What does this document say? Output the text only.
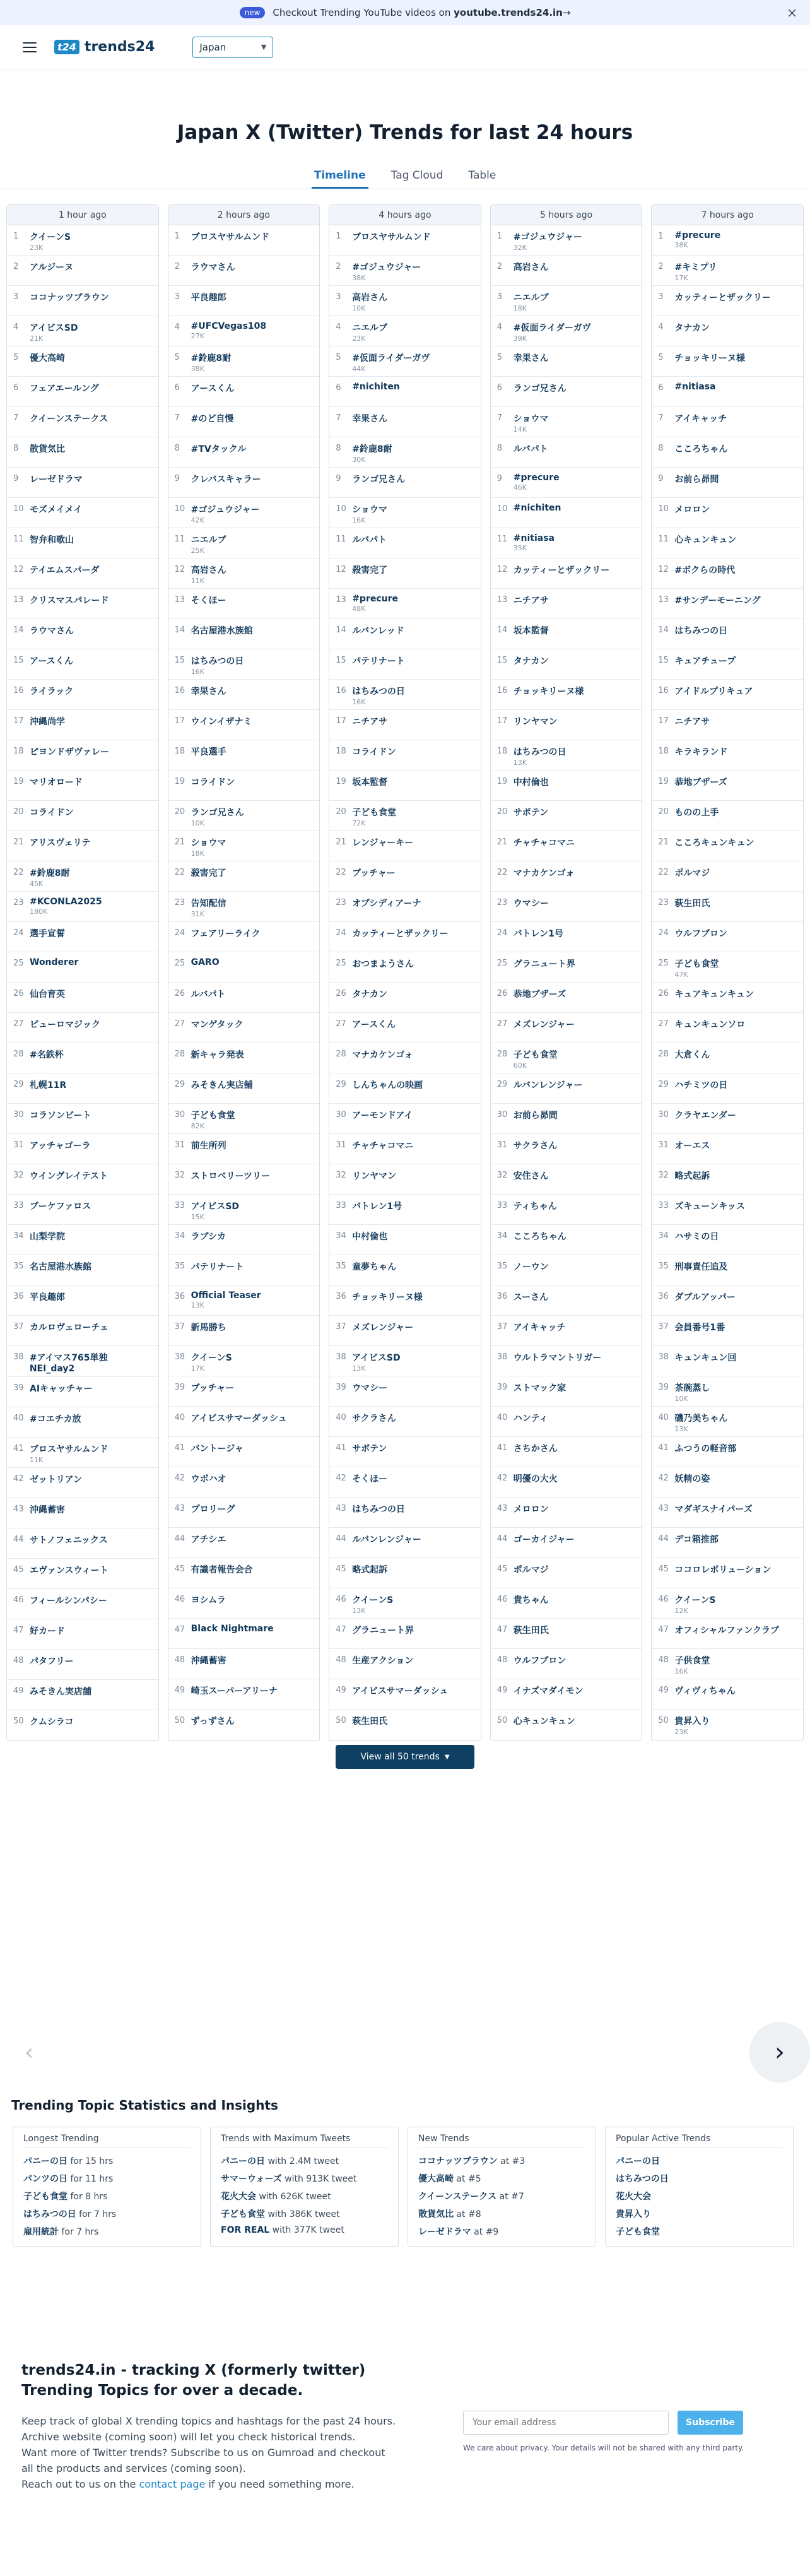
new	Checkout Trending YouTube videos on youtube.trends24.in→	×
t24 trends24	Japan	▼
Japan X (Twitter) Trends for last 24 hours
Timeline Tag Cloud Table
1 hour ago
1	クイーンS
23K
2	アルジーヌ
3	ココナッツブラウン
4	アイビスSD
21K
5	優大高崎
6	フェアエールング
7	クイーンステークス
8	散貨気比
9	レーゼドラマ
10 モズメイメイ
11 智弁和歌山
12 テイエムスパーダ
13 クリスマスパレード
14 ラウマさん
15 アースくん
16 ライラック
17 沖縄尚学
18 ピヨンドザヴァレー
19 マリオロード
20 コライドン
21 アリスヴェリテ
22 #鈴鹿8耐
45K
23 #KCONLA2025
180K
24 選手宣誓
25 Wonderer
26 仙台育英
27 ピューロマジック
28 #名鉄杯
29 札幌11R
30 コラソンビート
31 アッチャゴーラ
32 ウイングレイテスト
33 ブーケファロス
34 山梨学院
35 名古屋港水族館
36 平良趣郎
37 カルロヴェローチェ
38 #アイマス765単独NEI_day2
39 AIキャッチャー
40 #コエチカ放
41 ブロスヤサルムンド
11K
42 ゼットリアン
43 沖縄蓄害
44 サトノフェニックス
45 エヴァンスウィート
46 フィールシンパシー
47 好カード
48 パタフリー
49 みそきん実店舗
50 クムシラコ
2 hours ago
1	ブロスヤサルムンド
2	ラウマさん
3	平良趣郎
4	#UFCVegas108
27K
5	#鈴鹿8耐
38K
6	アースくん
7	#のど自慢
8	#TVタックル
9	クレバスキャラー
10 #ゴジュウジャー
42K
11 ニエルブ
25K
12 高岩さん
11K
13 そくほー
14 名古屋港水族館
15 はちみつの日
16K
16 幸果さん
17 ウインイザナミ
18 平良選手
19 コライドン
20 ランゴ兄さん
10K
21 ショウマ
18K
22 殺害完了
23 告知配信
31K
24 フェアリーライク
25 GARO
26 ルバパト
27 マンゲタック
28 新キャラ発表
29 みそきん実店舗
30 子ども食堂
82K
31 前生所列
32 ストロベリーツリー
33 アイビスSD
15K
34 ラブシカ
35 パテリナート
36 Official Teaser
13K
37 新馬勝ち
38 クイーンS
17K
39 ブッチャー
40 アイビスサマーダッシュ
41 バントージャ
42 ウボハオ
43 プロリーグ
44 アチシエ
45 有識者報告会合
46 ヨシムラ
47 Black Nightmare
48 沖縄蓄害
49 崎玉スーパーアリーナ
50 ずっずさん
4 hours ago
1	ブロスヤサルムンド
2	#ゴジュウジャー
38K
3	高岩さん
10K
4	ニエルブ
23K
5	#仮面ライダーガヴ
44K
6	#nichiten
7	幸果さん
8	#鈴鹿8耐
30K
9	ランゴ兄さん
10 ショウマ
16K
11 ルバパト
12 殺害完了
13 #precure
48K
14 ルバンレッド
15 パテリナート
16 はちみつの日
16K
17 ニチアサ
18 コライドン
19 坂本監督
20 子ども食堂
72K
21 レンジャーキー
22 ブッチャー
23 オブシディアーナ
24 カッティーとザックリー
25 おつまようさん
26 タナカン
27 アースくん
28 マナカケンゴォ
29 しんちゃんの映画
30 アーモンドアイ
31 チャチャコマニ
32 リンヤマン
33 バトレン1号
34 中村倫也
35 童夢ちゃん
36 チョッキリーヌ様
37 メズレンジャー
38 アイビスSD
13K
39 ウマシー
40 サクラさん
41 サボテン
42 そくほー
43 はちみつの日
44 ルバンレンジャー
45 略式起訴
46 クイーンS
13K
47 グラニュート界
48 生産アクション
49 アイビスサマーダッシュ
50 萩生田氏
5 hours ago
1	#ゴジュウジャー
32K
2	高岩さん
3	ニエルブ
18K
4	#仮面ライダーガヴ
39K
5	幸果さん
6	ランゴ兄さん
7	ショウマ
14K
8	ルバパト
9	#precure
46K
10 #nichiten
11 #nitiasa
35K
12 カッティーとザックリー
13 ニチアサ
14 坂本監督
15 タナカン
16 チョッキリーヌ様
17 リンヤマン
18 はちみつの日
13K
19 中村倫也
20 サボテン
21 チャチャコマニ
22 マナカケンゴォ
23 ウマシー
24 バトレン1号
25 グラニュート界
26 恭地ブザーズ
27 メズレンジャー
28 子ども食堂
60K
29 ルバンレンジャー
30 お前ら昴間
31 サクラさん
32 安住さん
33 ティちゃん
34 こころちゃん
35 ノーウン
36 スーさん
37 アイキャッチ
38 ウルトラマントリガー
39 ストマック家
40 ハンティ
41 さちかさん
42 明優の大火
43 メロロン
44 ゴーカイジャー
45 ポルマジ
46 貴ちゃん
47 萩生田氏
48 ウルフブロン
49 イナズマダイモン
50 心キュンキュン
7 hours ago
1	#precure
38K
2	#キミプリ
17K
3	カッティーとザックリー
4	タナカン
5	チョッキリーヌ様
6	#nitiasa
7	アイキャッチ
8	こころちゃん
9	お前ら昴間
10 メロロン
11 心キュンキュン
12 #ボクらの時代
13 #サンデーモーニング
14 はちみつの日
15 キュアチュープ
16 アイドルプリキュア
17 ニチアサ
18 キラキランド
19 恭地ブザーズ
20 ものの上手
21 こころキュンキュン
22 ポルマジ
23 萩生田氏
24 ウルフブロン
25 子ども食堂
47K
26 キュアキュンキュン
27 キュンキュンソロ
28 大倉くん
29 ハチミツの日
30 クラヤエンダー
31 オーエス
32 略式起訴
33 ズキューンキッス
34 ハサミの日
35 刑事責任追及
36 ダブルアッパー
37 会員番号1番
38 キュンキュン回
39 茶碗蒸し
10K
40 磯乃美ちゃん
13K
41 ふつうの軽音部
42 妖精の姿
43 マダギスナイパーズ
44 デコ箱推部
45 ココロレボリューション
46 クイーンS
12K
47 オフィシャルファンクラブ
48 子供食堂
16K
49 ヴィヴィちゃん
50 貴昇入り
23K
View all 50 trends ▼
‹	›
Trending Topic Statistics and Insights
Longest Trending
パニーの日 for 15 hrs
パンツの日 for 11 hrs
子ども食堂 for 8 hrs
はちみつの日 for 7 hrs
雇用統計 for 7 hrs
Trends with Maximum Tweets
パニーの日 with 2.4M tweet
サマーウォーズ with 913K tweet
花火大会 with 626K tweet
子ども食堂 with 386K tweet
FOR REAL with 377K tweet
New Trends
ココナッツブラウン at #3
優大高崎 at #5
クイーンステークス at #7
散貨気比 at #8
レーゼドラマ at #9
Popular Active Trends
パニーの日
はちみつの日
花火大会
貴昇入り
子ども食堂
trends24.in - tracking X (formerly twitter) Trending Topics for over a decade.

Keep track of global X trending topics and hashtags for the past 24 hours.

Archive website (coming soon) will let you check historical trends.

Want more of Twitter trends? Subscribe to us on Gumroad and checkout all the products and services (coming soon).

Reach out to us on the contact page if you need something more.

Your email address
Subscribe
We care about privacy. Your details will not be shared with any third party.
